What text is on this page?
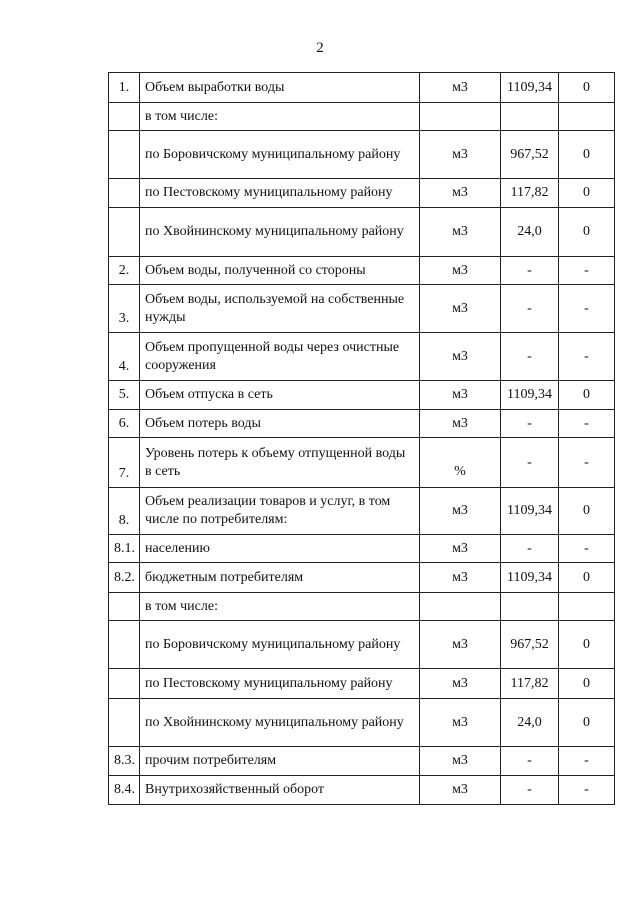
2
1.	Объем выработки воды	м3	1109,34	0
	в том числе:			
	по Боровичскому муниципальному району	м3	967,52	0
	по Пестовскому муниципальному району	м3	117,82	0
	по Хвойнинскому муниципальному району	м3	24,0	0
2.	Объем воды, полученной со стороны	м3	-	-
3.	Объем воды, используемой на собственные нужды	м3	-	-
4.	Объем пропущенной воды через очистные сооружения	м3	-	-
5.	Объем отпуска в сеть	м3	1109,34	0
6.	Объем потерь воды	м3	-	-
7.	Уровень потерь к объему отпущенной воды в сеть	%	-	-
8.	Объем реализации товаров и услуг, в том числе по потребителям:	м3	1109,34	0
8.1.	населению	м3	-	-
8.2.	бюджетным потребителям	м3	1109,34	0
	в том числе:			
	по Боровичскому муниципальному району	м3	967,52	0
	по Пестовскому муниципальному району	м3	117,82	0
	по Хвойнинскому муниципальному району	м3	24,0	0
8.3.	прочим потребителям	м3	-	-
8.4.	Внутрихозяйственный оборот	м3	-	-
